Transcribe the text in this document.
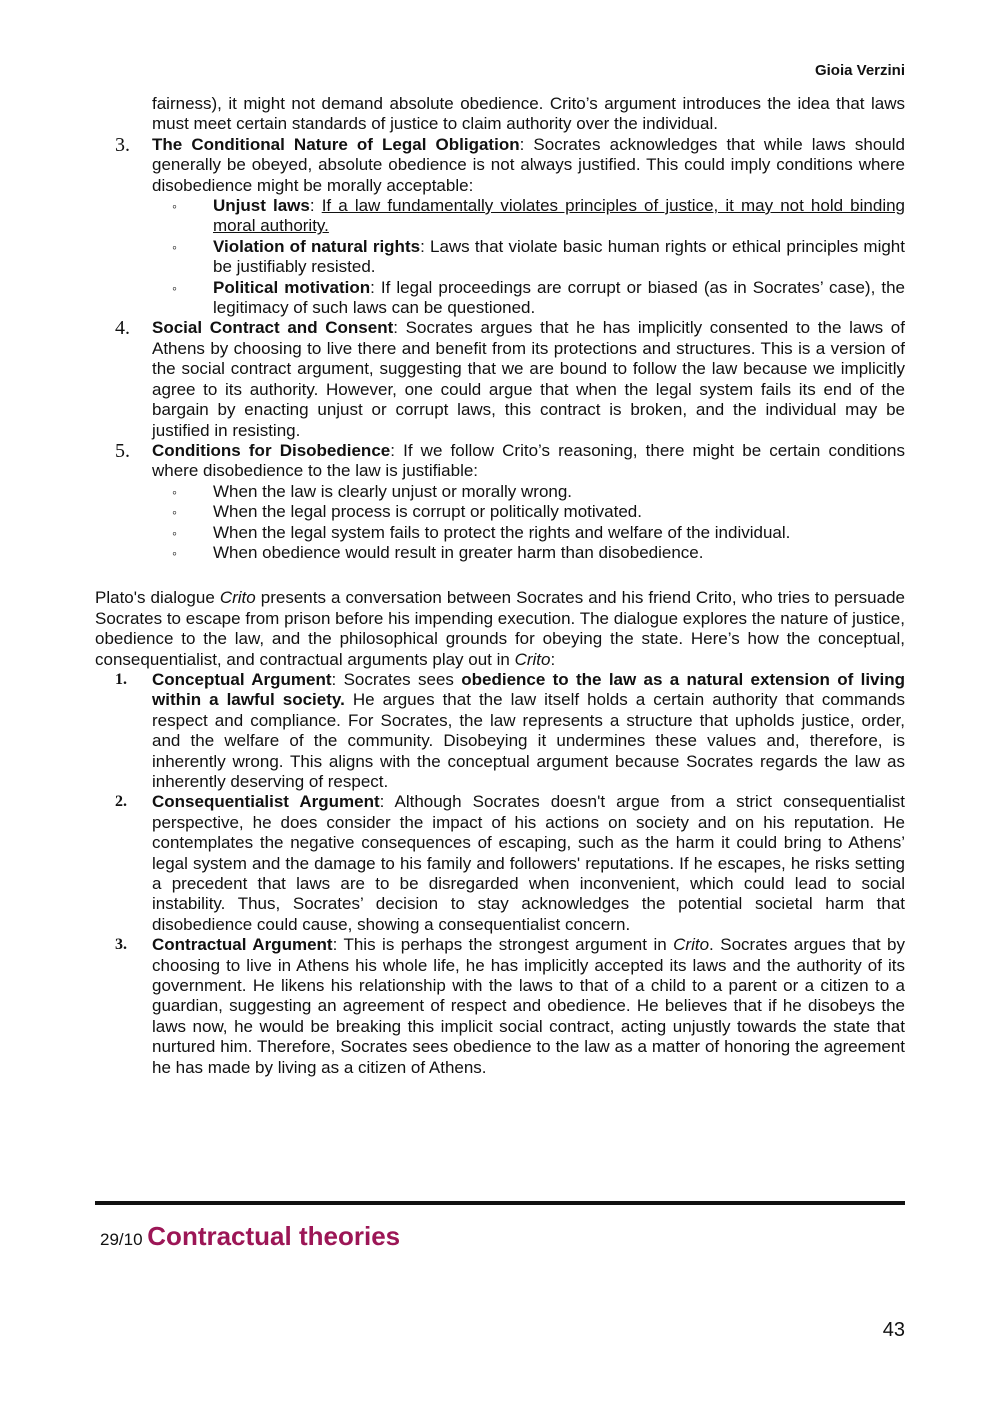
Gioia Verzini
fairness), it might not demand absolute obedience. Crito’s argument introduces the idea that laws must meet certain standards of justice to claim authority over the individual.
3. The Conditional Nature of Legal Obligation: Socrates acknowledges that while laws should generally be obeyed, absolute obedience is not always justified. This could imply conditions where disobedience might be morally acceptable:
◦ Unjust laws: If a law fundamentally violates principles of justice, it may not hold binding moral authority.
◦ Violation of natural rights: Laws that violate basic human rights or ethical principles might be justifiably resisted.
◦ Political motivation: If legal proceedings are corrupt or biased (as in Socrates’ case), the legitimacy of such laws can be questioned.
4. Social Contract and Consent: Socrates argues that he has implicitly consented to the laws of Athens by choosing to live there and benefit from its protections and structures. This is a version of the social contract argument, suggesting that we are bound to follow the law because we implicitly agree to its authority. However, one could argue that when the legal system fails its end of the bargain by enacting unjust or corrupt laws, this contract is broken, and the individual may be justified in resisting.
5. Conditions for Disobedience: If we follow Crito’s reasoning, there might be certain conditions where disobedience to the law is justifiable:
◦ When the law is clearly unjust or morally wrong.
◦ When the legal process is corrupt or politically motivated.
◦ When the legal system fails to protect the rights and welfare of the individual.
◦ When obedience would result in greater harm than disobedience.
Plato's dialogue Crito presents a conversation between Socrates and his friend Crito, who tries to persuade Socrates to escape from prison before his impending execution. The dialogue explores the nature of justice, obedience to the law, and the philosophical grounds for obeying the state. Here’s how the conceptual, consequentialist, and contractual arguments play out in Crito:
1. Conceptual Argument: Socrates sees obedience to the law as a natural extension of living within a lawful society. He argues that the law itself holds a certain authority that commands respect and compliance. For Socrates, the law represents a structure that upholds justice, order, and the welfare of the community. Disobeying it undermines these values and, therefore, is inherently wrong. This aligns with the conceptual argument because Socrates regards the law as inherently deserving of respect.
2. Consequentialist Argument: Although Socrates doesn't argue from a strict consequentialist perspective, he does consider the impact of his actions on society and on his reputation. He contemplates the negative consequences of escaping, such as the harm it could bring to Athens’ legal system and the damage to his family and followers' reputations. If he escapes, he risks setting a precedent that laws are to be disregarded when inconvenient, which could lead to social instability. Thus, Socrates’ decision to stay acknowledges the potential societal harm that disobedience could cause, showing a consequentialist concern.
3. Contractual Argument: This is perhaps the strongest argument in Crito. Socrates argues that by choosing to live in Athens his whole life, he has implicitly accepted its laws and the authority of its government. He likens his relationship with the laws to that of a child to a parent or a citizen to a guardian, suggesting an agreement of respect and obedience. He believes that if he disobeys the laws now, he would be breaking this implicit social contract, acting unjustly towards the state that nurtured him. Therefore, Socrates sees obedience to the law as a matter of honoring the agreement he has made by living as a citizen of Athens.
29/10 Contractual theories
43
